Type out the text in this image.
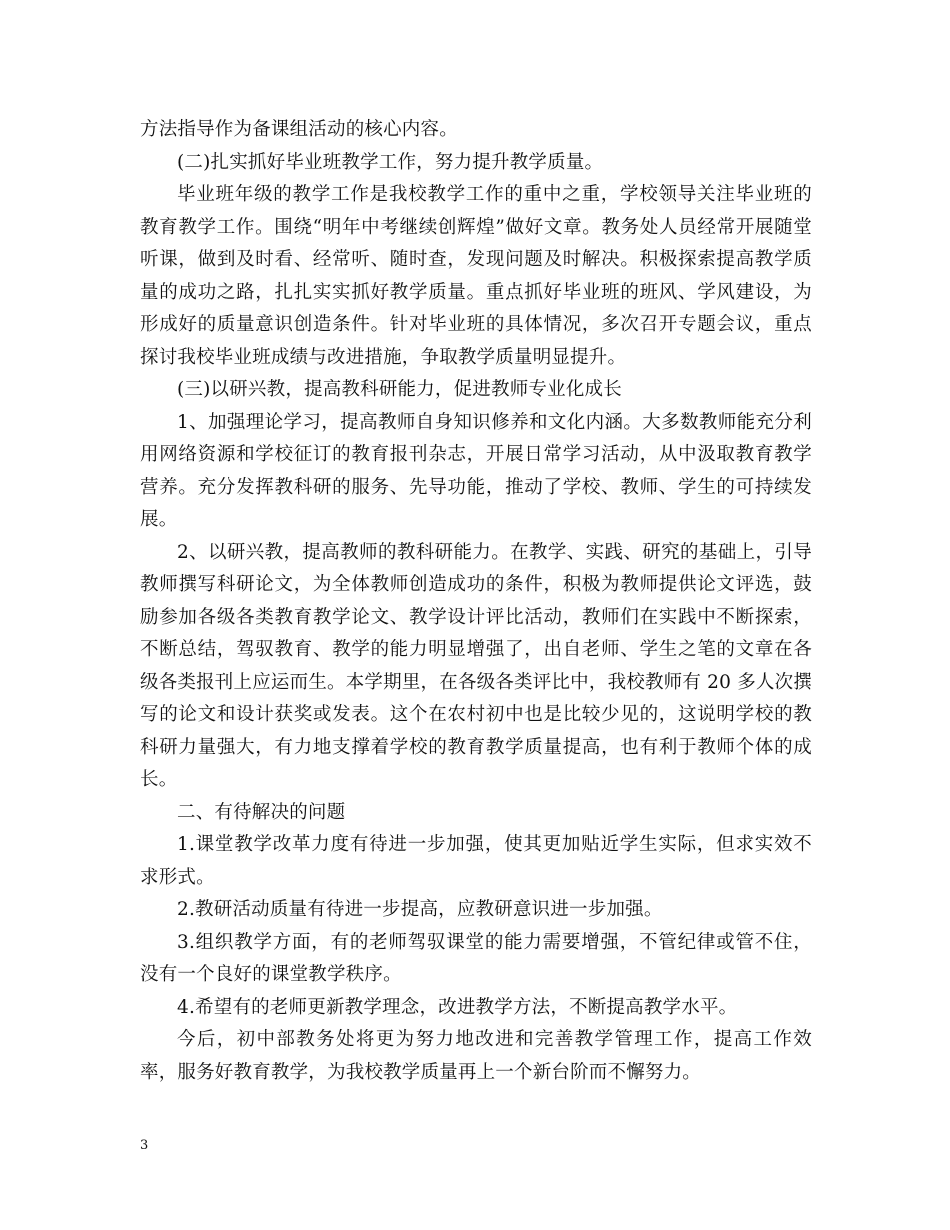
方法指导作为备课组活动的核心内容。

(二)扎实抓好毕业班教学工作，努力提升教学质量。

毕业班年级的教学工作是我校教学工作的重中之重，学校领导关注毕业班的教育教学工作。围绕“明年中考继续创辉煌”做好文章。教务处人员经常开展随堂听课，做到及时看、经常听、随时查，发现问题及时解决。积极探索提高教学质量的成功之路，扎扎实实抓好教学质量。重点抓好毕业班的班风、学风建设，为形成好的质量意识创造条件。针对毕业班的具体情况，多次召开专题会议，重点探讨我校毕业班成绩与改进措施，争取教学质量明显提升。

(三)以研兴教，提高教科研能力，促进教师专业化成长

1、加强理论学习，提高教师自身知识修养和文化内涵。大多数教师能充分利用网络资源和学校征订的教育报刊杂志，开展日常学习活动，从中汲取教育教学营养。充分发挥教科研的服务、先导功能，推动了学校、教师、学生的可持续发展。

2、以研兴教，提高教师的教科研能力。在教学、实践、研究的基础上，引导教师撰写科研论文，为全体教师创造成功的条件，积极为教师提供论文评选，鼓励参加各级各类教育教学论文、教学设计评比活动，教师们在实践中不断探索，不断总结，驾驭教育、教学的能力明显增强了，出自老师、学生之笔的文章在各级各类报刊上应运而生。本学期里，在各级各类评比中，我校教师有 20 多人次撰写的论文和设计获奖或发表。这个在农村初中也是比较少见的，这说明学校的教科研力量强大，有力地支撑着学校的教育教学质量提高，也有利于教师个体的成长。

二、有待解决的问题

1.课堂教学改革力度有待进一步加强，使其更加贴近学生实际，但求实效不求形式。

2.教研活动质量有待进一步提高，应教研意识进一步加强。

3.组织教学方面，有的老师驾驭课堂的能力需要增强，不管纪律或管不住，没有一个良好的课堂教学秩序。

4.希望有的老师更新教学理念，改进教学方法，不断提高教学水平。

今后，初中部教务处将更为努力地改进和完善教学管理工作，提高工作效率，服务好教育教学，为我校教学质量再上一个新台阶而不懈努力。

3
